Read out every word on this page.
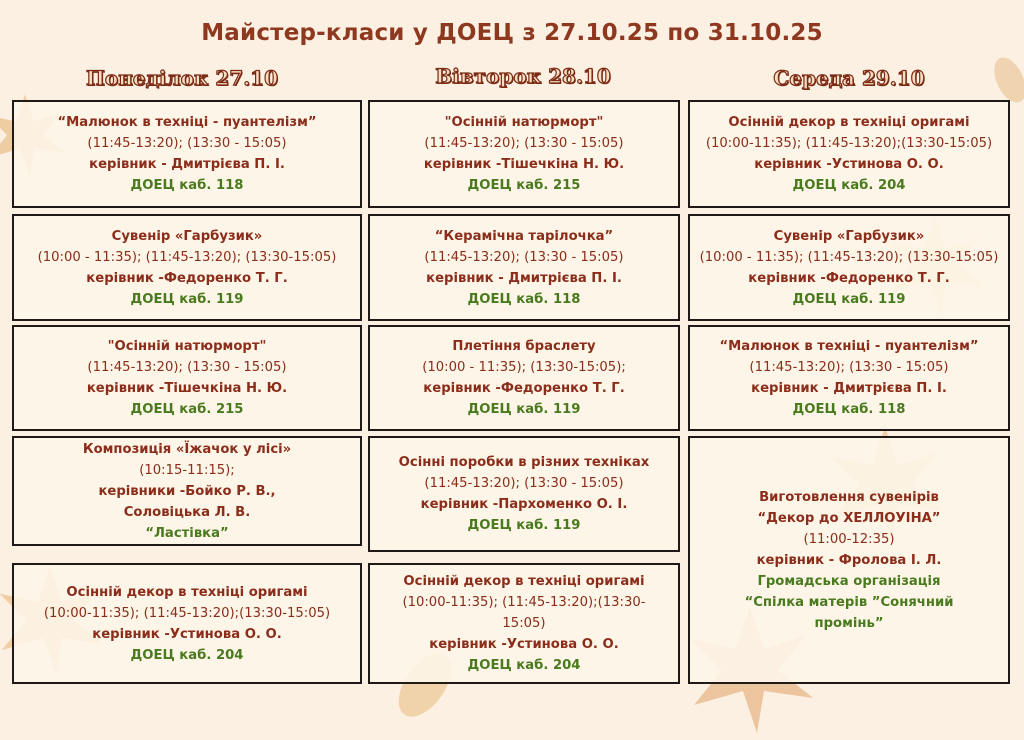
Майстер-класи у ДОЕЦ з 27.10.25 по 31.10.25
Понеділок 27.10	Вівторок 28.10	Середа 29.10
“Малюнок в техніці - пуантелізм”
(11:45-13:20); (13:30 - 15:05)
керівник - Дмитрієва П. І.
ДОЕЦ каб. 118
Сувенір «Гарбузик»
(10:00 - 11:35); (11:45-13:20); (13:30-15:05)
керівник -Федоренко Т. Г.
ДОЕЦ каб. 119
"Осінній натюрморт"
(11:45-13:20); (13:30 - 15:05)
керівник -Тішечкіна Н. Ю.
ДОЕЦ каб. 215
Композиція «Їжачок у лісі»
(10:15-11:15);
керівники -Бойко Р. В.,
Соловіцька Л. В.
“Ластівка”
Осінній декор в техніці оригамі
(10:00-11:35); (11:45-13:20);(13:30-15:05)
керівник -Устинова О. О.
ДОЕЦ каб. 204
"Осінній натюрморт"
(11:45-13:20); (13:30 - 15:05)
керівник -Тішечкіна Н. Ю.
ДОЕЦ каб. 215
“Керамічна тарілочка”
(11:45-13:20); (13:30 - 15:05)
керівник - Дмитрієва П. І.
ДОЕЦ каб. 118
Плетіння браслету
(10:00 - 11:35); (13:30-15:05);
керівник -Федоренко Т. Г.
ДОЕЦ каб. 119
Осінні поробки в різних техніках
(11:45-13:20); (13:30 - 15:05)
керівник -Пархоменко О. І.
ДОЕЦ каб. 119
Осінній декор в техніці оригамі
(10:00-11:35); (11:45-13:20);(13:30-
15:05)
керівник -Устинова О. О.
ДОЕЦ каб. 204
Осінній декор в техніці оригамі
(10:00-11:35); (11:45-13:20);(13:30-15:05)
керівник -Устинова О. О.
ДОЕЦ каб. 204
Сувенір «Гарбузик»
(10:00 - 11:35); (11:45-13:20); (13:30-15:05)
керівник -Федоренко Т. Г.
ДОЕЦ каб. 119
“Малюнок в техніці - пуантелізм”
(11:45-13:20); (13:30 - 15:05)
керівник - Дмитрієва П. І.
ДОЕЦ каб. 118
Виготовлення сувенірів
“Декор до ХЕЛЛОУІНА”
(11:00-12:35)
керівник - Фролова І. Л.
Громадська організація
“Спілка матерів ”Сонячний
промінь”
